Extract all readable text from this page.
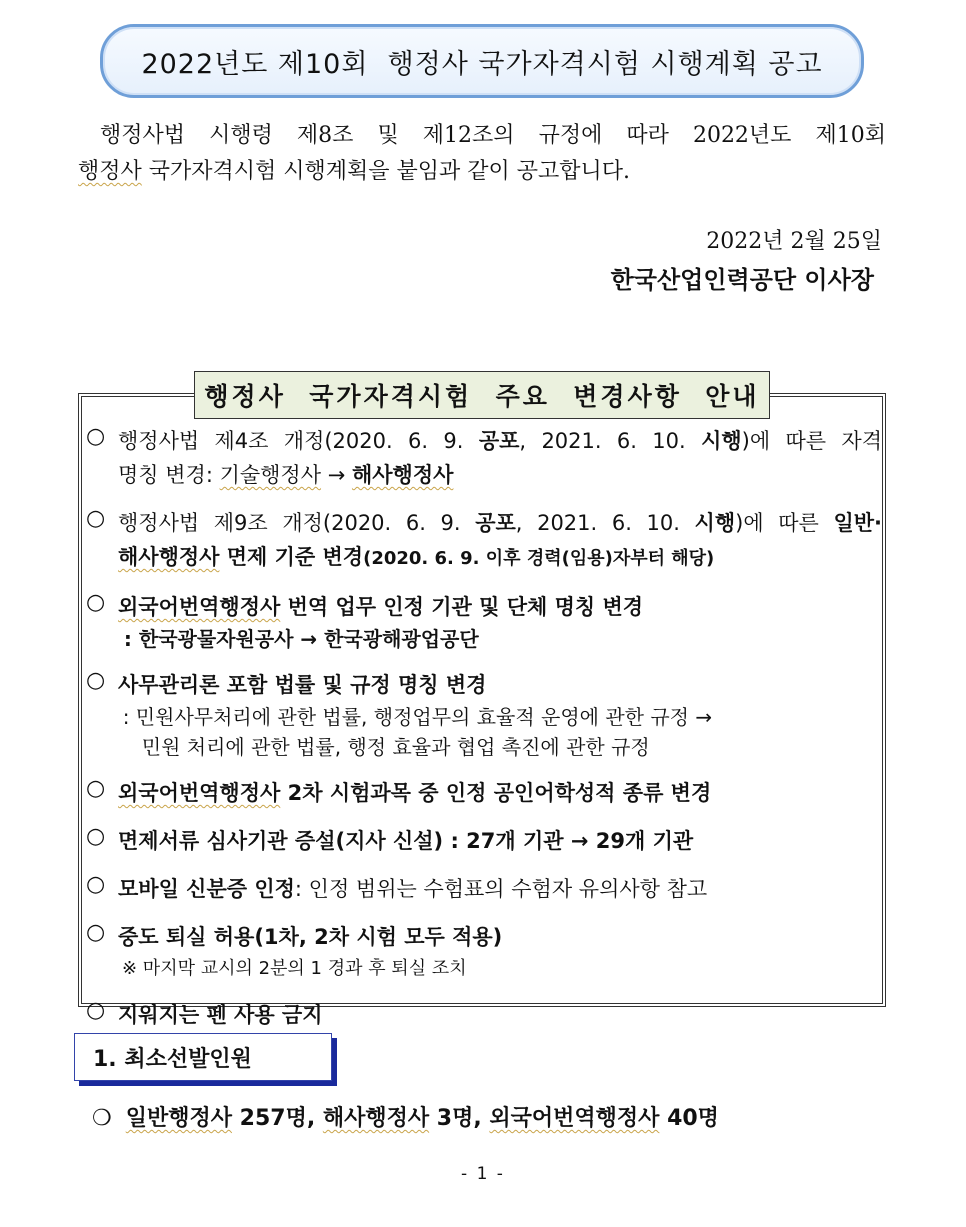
2022년도 제10회  행정사 국가자격시험 시행계획 공고

행정사법 시행령 제8조 및 제12조의 규정에 따라 2022년도 제10회

행정사 국가자격시험 시행계획을 붙임과 같이 공고합니다.

2022년 2월 25일
한국산업인력공단 이사장
행정사  국가자격시험  주요  변경사항  안내
○ 행정사법 제4조 개정(2020. 6. 9. 공포, 2021. 6. 10. 시행)에 따른 자격
명칭 변경: 기술행정사 → 해사행정사
○ 행정사법 제9조 개정(2020. 6. 9. 공포, 2021. 6. 10. 시행)에 따른 일반·
해사행정사 면제 기준 변경(2020. 6. 9. 이후 경력(임용)자부터 해당)
○ 외국어번역행정사 번역 업무 인정 기관 및 단체 명칭 변경
: 한국광물자원공사 → 한국광해광업공단
○ 사무관리론 포함 법률 및 규정 명칭 변경
: 민원사무처리에 관한 법률, 행정업무의 효율적 운영에 관한 규정 →
민원 처리에 관한 법률, 행정 효율과 협업 촉진에 관한 규정
○ 외국어번역행정사 2차 시험과목 중 인정 공인어학성적 종류 변경
○ 면제서류 심사기관 증설(지사 신설) : 27개 기관 → 29개 기관
○ 모바일 신분증 인정: 인정 범위는 수험표의 수험자 유의사항 참고
○ 중도 퇴실 허용(1차, 2차 시험 모두 적용)
※ 마지막 교시의 2분의 1 경과 후 퇴실 조치
○ 지워지는 펜 사용 금지
1. 최소선발인원
❍ 일반행정사 257명, 해사행정사 3명, 외국어번역행정사 40명
- 1 -
